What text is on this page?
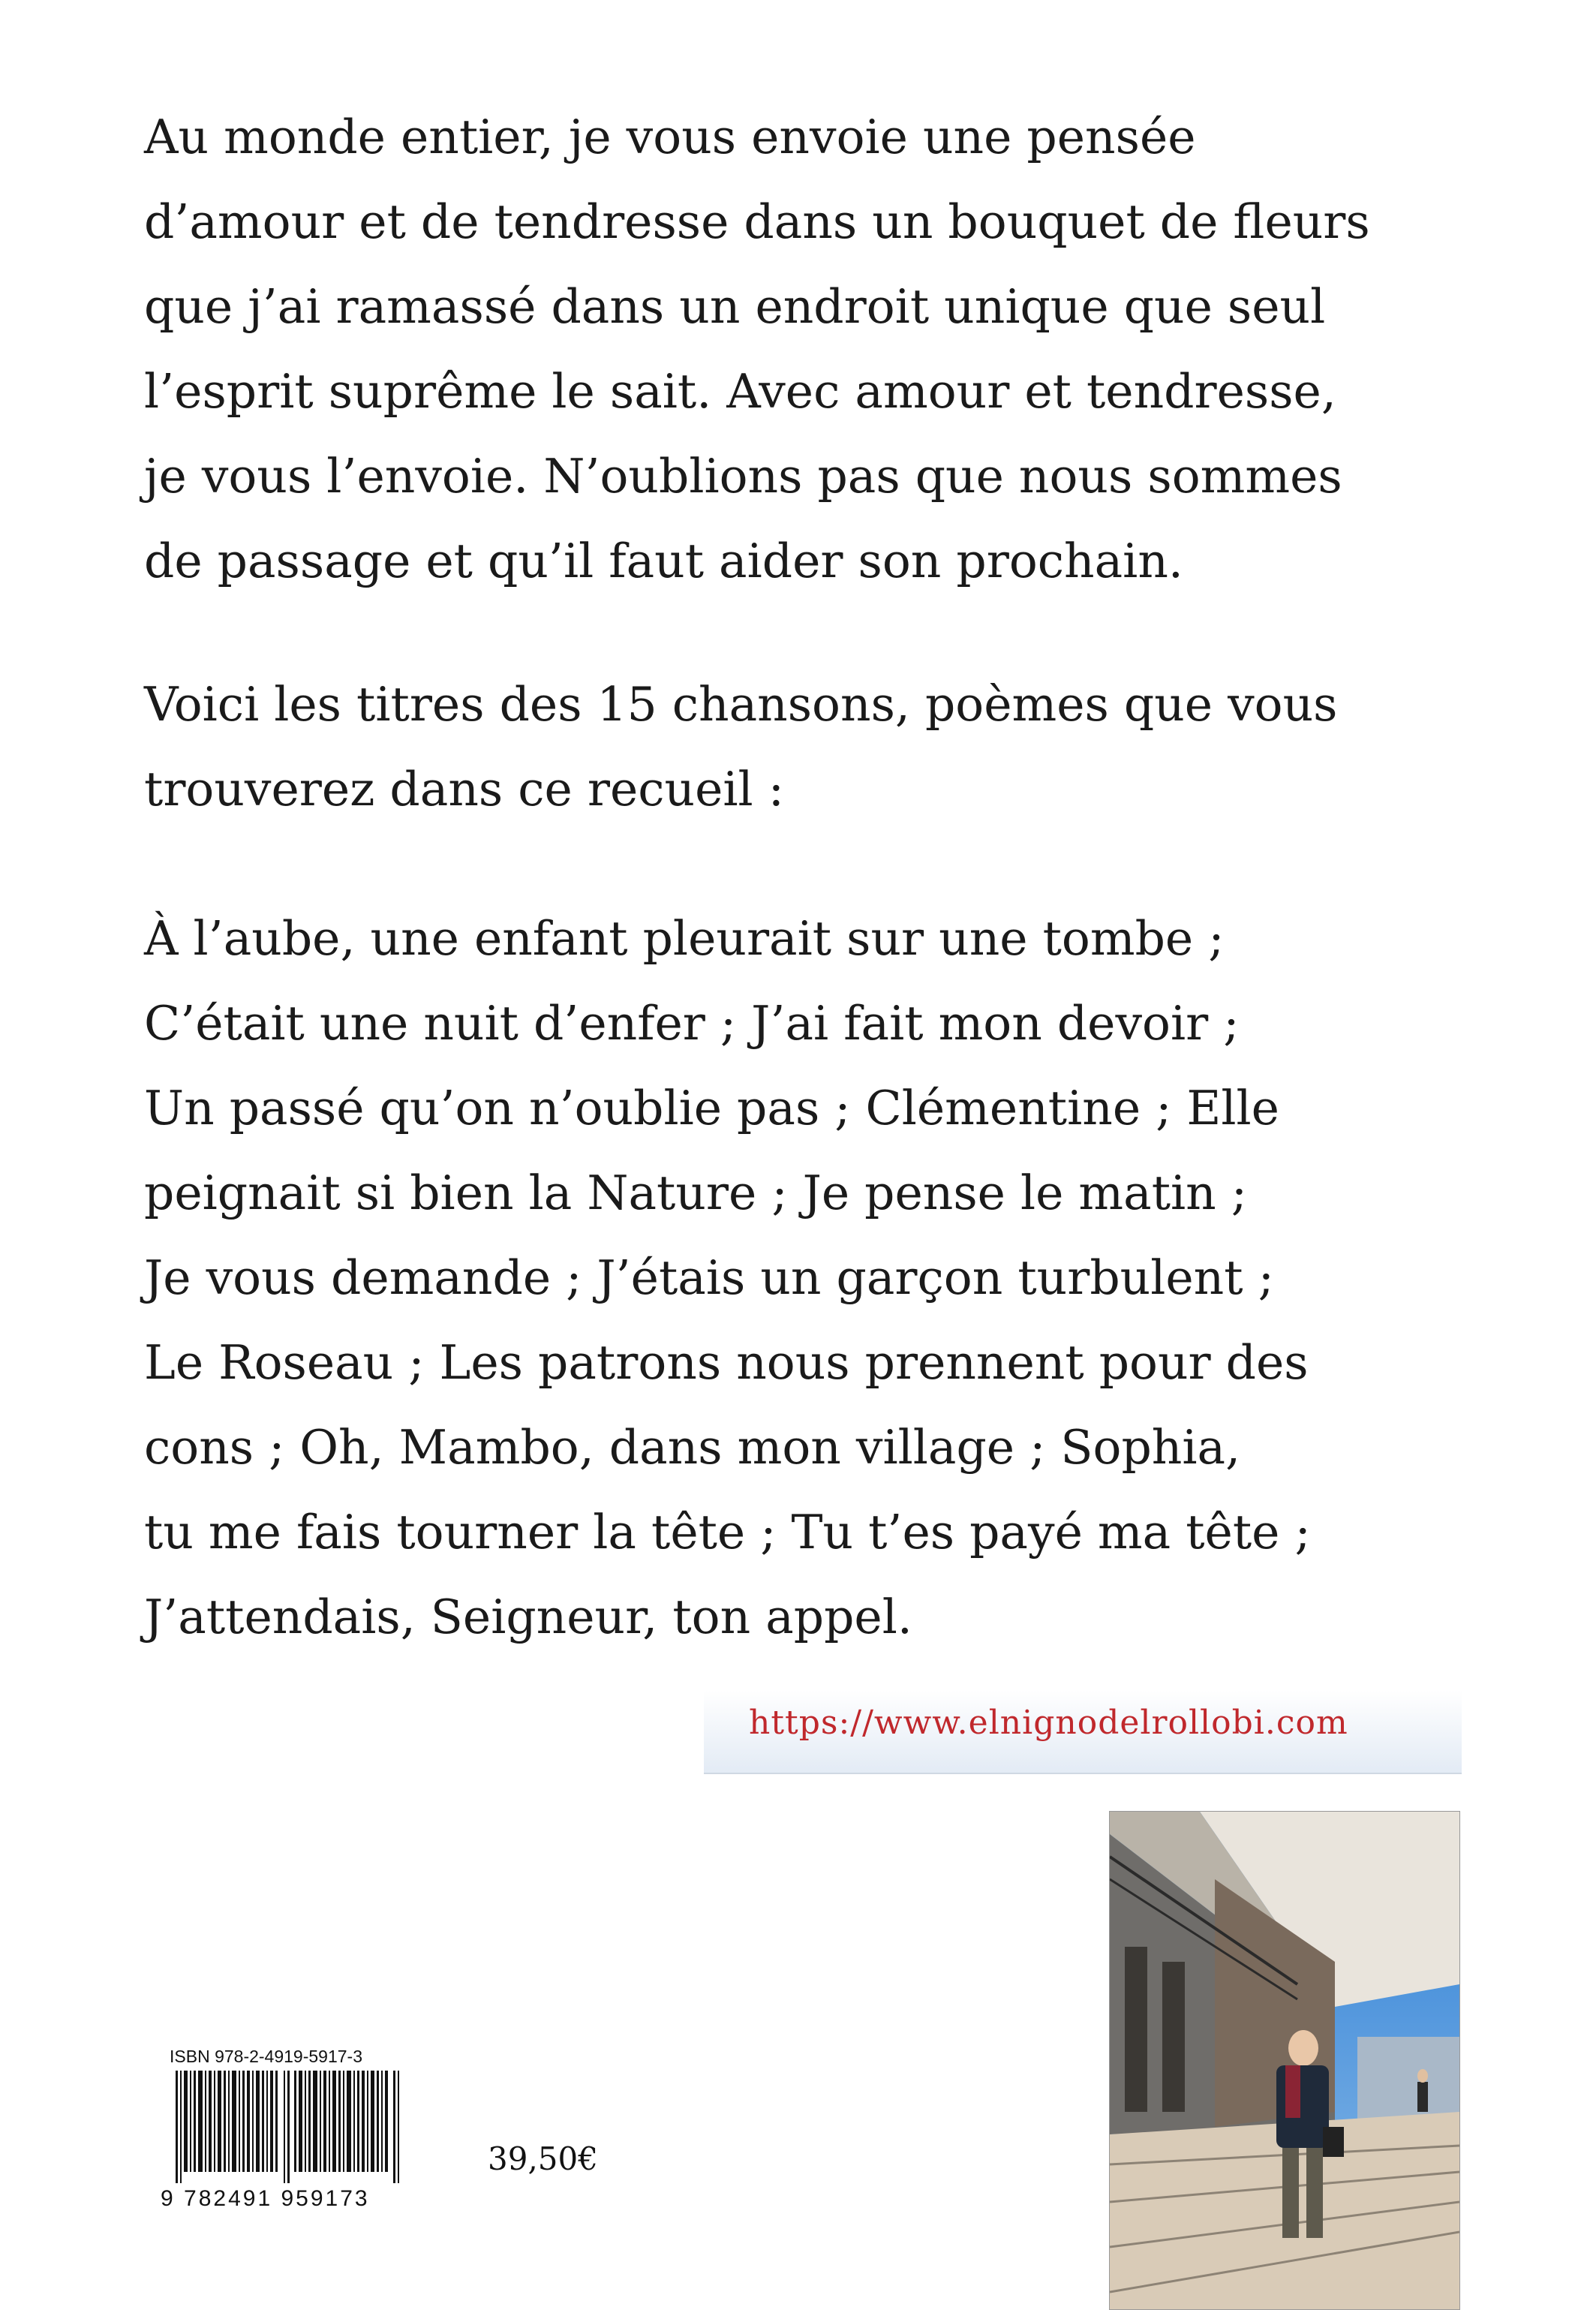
Au monde entier, je vous envoie une pensée
d’amour et de tendresse dans un bouquet de fleurs
que j’ai ramassé dans un endroit unique que seul
l’esprit suprême le sait. Avec amour et tendresse,
je vous l’envoie. N’oublions pas que nous sommes
de passage et qu’il faut aider son prochain.
Voici les titres des 15 chansons, poèmes que vous
trouverez dans ce recueil :
À l’aube, une enfant pleurait sur une tombe ;
C’était une nuit d’enfer ; J’ai fait mon devoir ;
Un passé qu’on n’oublie pas ; Clémentine ; Elle
peignait si bien la Nature ; Je pense le matin ;
Je vous demande ; J’étais un garçon turbulent ;
Le Roseau ; Les patrons nous prennent pour des
cons ; Oh, Mambo, dans mon village ; Sophia,
tu me fais tourner la tête ; Tu t’es payé ma tête ;
J’attendais, Seigneur, ton appel.
https://www.elnignodelrollobi.com
ISBN 978-2-4919-5917-3
9 782491 959173
39,50€
